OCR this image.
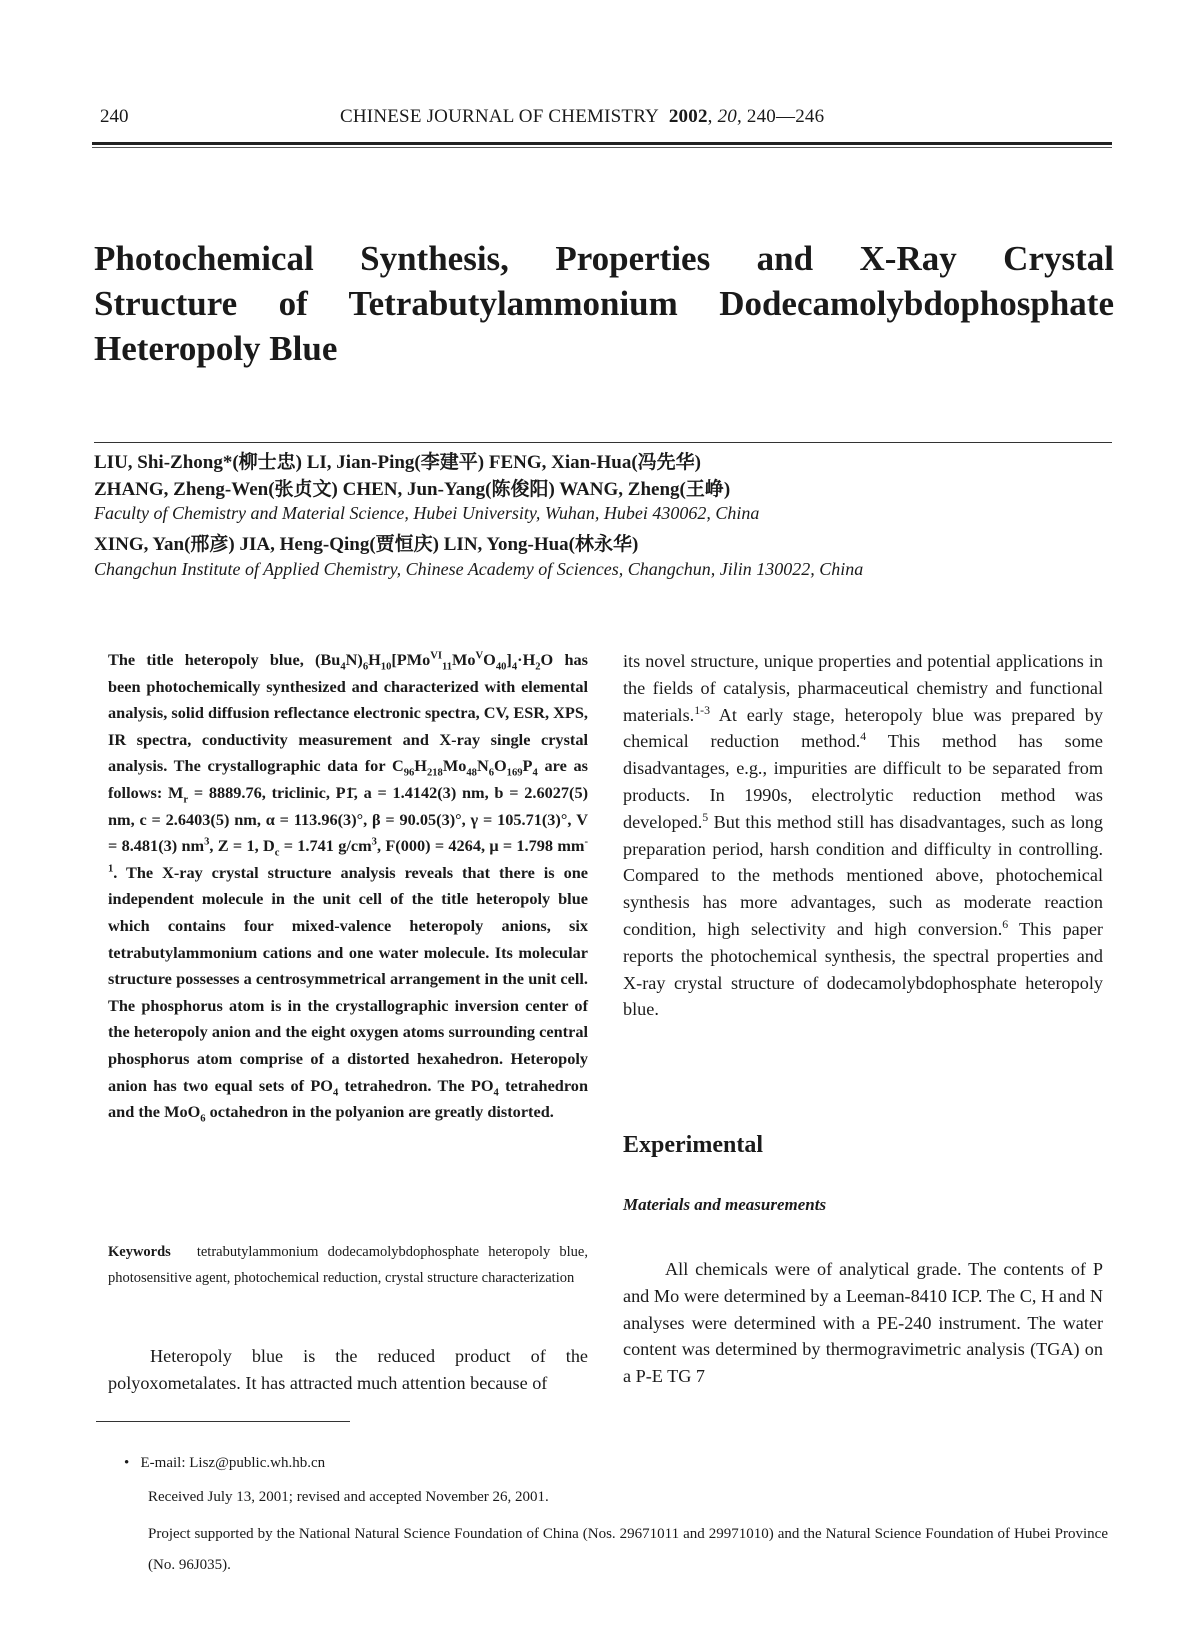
240	CHINESE JOURNAL OF CHEMISTRY 2002, 20, 240—246
Photochemical Synthesis, Properties and X-Ray Crystal
Structure of Tetrabutylammonium Dodecamolybdophosphate
Heteropoly Blue
LIU, Shi-Zhong*(柳士忠) LI, Jian-Ping(李建平) FENG, Xian-Hua(冯先华)
ZHANG, Zheng-Wen(张贞文) CHEN, Jun-Yang(陈俊阳) WANG, Zheng(王峥)
Faculty of Chemistry and Material Science, Hubei University, Wuhan, Hubei 430062, China
XING, Yan(邢彦) JIA, Heng-Qing(贾恒庆) LIN, Yong-Hua(林永华)
Changchun Institute of Applied Chemistry, Chinese Academy of Sciences, Changchun, Jilin 130022, China

The title heteropoly blue, $(Bu_4N)_6H_{10}[PMo^{VI}_{11}Mo^VO_{40}]_4\cdot H_2O$ has been photochemically synthesized and characterized with elemental analysis, solid diffusion reflectance electronic spectra, CV, ESR, XPS, IR spectra, conductivity measurement and X-ray single crystal analysis. The crystallographic data for $C_{96}H_{218}Mo_{48}N_6O_{169}P_4$ are as follows: $M_r = 8889.76$, triclinic, P1̄, a = 1.4142(3) nm, b = 2.6027(5) nm, c = 2.6403(5) nm, α = 113.96(3)°, β = 90.05(3)°, γ = 105.71(3)°, V = 8.481(3) $nm^3$, Z = 1, $D_c = 1.741$ $g/cm^3$, F(000) = 4264, μ = 1.798 $mm^{-1}$. The X-ray crystal structure analysis reveals that there is one independent molecule in the unit cell of the title heteropoly blue which contains four mixed-valence heteropoly anions, six tetrabutylammonium cations and one water molecule. Its molecular structure possesses a centrosymmetrical arrangement in the unit cell. The phosphorus atom is in the crystallographic inversion center of the heteropoly anion and the eight oxygen atoms surrounding central phosphorus atom comprise of a distorted hexahedron. Heteropoly anion has two equal sets of $PO_4$ tetrahedron. The $PO_4$ tetrahedron and the MoO$_6$ octahedron in the polyanion are greatly distorted.

Keywords tetrabutylammonium dodecamolybdophosphate heteropoly blue, photosensitive agent, photochemical reduction, crystal structure characterization

Heteropoly blue is the reduced product of the polyoxometalates. It has attracted much attention because of

its novel structure, unique properties and potential applications in the fields of catalysis, pharmaceutical chemistry and functional materials.$^{1-3}$ At early stage, heteropoly blue was prepared by chemical reduction method.$^4$ This method has some disadvantages, e.g., impurities are difficult to be separated from products. In 1990s, electrolytic reduction method was developed.$^5$ But this method still has disadvantages, such as long preparation period, harsh condition and difficulty in controlling. Compared to the methods mentioned above, photochemical synthesis has more advantages, such as moderate reaction condition, high selectivity and high conversion.$^6$ This paper reports the photochemical synthesis, the spectral properties and X-ray crystal structure of dodecamolybdophosphate heteropoly blue.

Experimental
Materials and measurements

All chemicals were of analytical grade. The contents of P and Mo were determined by a Leeman-8410 ICP. The C, H and N analyses were determined with a PE-240 instrument. The water content was determined by thermogravimetric analysis (TGA) on a P-E TG 7

• E-mail: Lisz@public.wh.hb.cn
Received July 13, 2001; revised and accepted November 26, 2001.
Project supported by the National Natural Science Foundation of China (Nos. 29671011 and 29971010) and the Natural Science Foundation of Hubei Province (No. 96J035).
